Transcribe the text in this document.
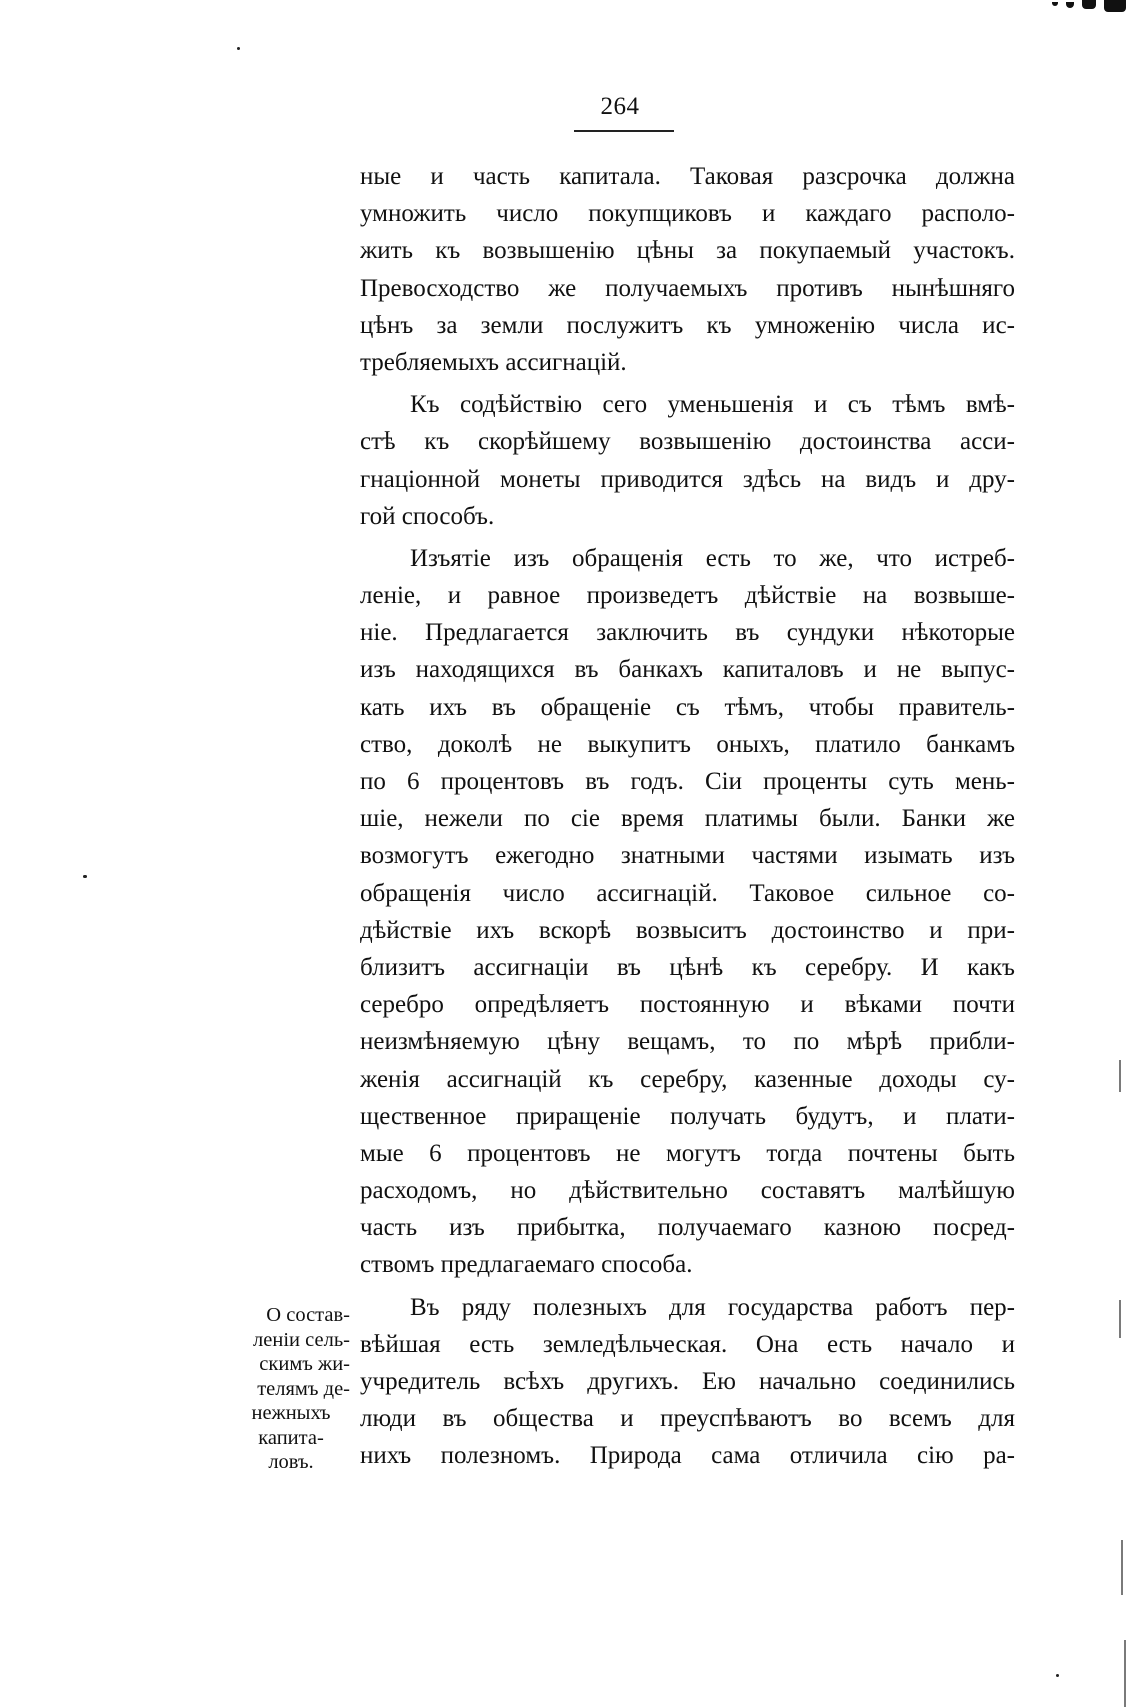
264
ные и часть капитала. Таковая разсрочка должна
умножить число покупщиковъ и каждаго располо-
жить къ возвышенію цѣны за покупаемый участокъ.
Превосходство же получаемыхъ противъ нынѣшняго
цѣнъ за земли послужитъ къ умноженію числа ис-
требляемыхъ ассигнацій.
Къ содѣйствію сего уменьшенія и съ тѣмъ вмѣ-
стѣ къ скорѣйшему возвышенію достоинства асси-
гнаціонной монеты приводится здѣсь на видъ и дру-
гой способъ.
Изъятіе изъ обращенія есть то же, что истреб-
леніе, и равное произведетъ дѣйствіе на возвыше-
ніе. Предлагается заключить въ сундуки нѣкоторые
изъ находящихся въ банкахъ капиталовъ и не выпус-
кать ихъ въ обращеніе съ тѣмъ, чтобы правитель-
ство, доколѣ не выкупитъ оныхъ, платило банкамъ
по 6 процентовъ въ годъ. Сіи проценты суть мень-
шіе, нежели по сіе время платимы были. Банки же
возмогутъ ежегодно знатными частями изымать изъ
обращенія число ассигнацій. Таковое сильное со-
дѣйствіе ихъ вскорѣ возвыситъ достоинство и при-
близитъ ассигнаціи въ цѣнѣ къ серебру. И какъ
серебро опредѣляетъ постоянную и вѣками почти
неизмѣняемую цѣну вещамъ, то по мѣрѣ прибли-
женія ассигнацій къ серебру, казенные доходы су-
щественное приращеніе получать будутъ, и плати-
мые 6 процентовъ не могутъ тогда почтены быть
расходомъ, но дѣйствительно составятъ малѣйшую
часть изъ прибытка, получаемаго казною посред-
ствомъ предлагаемаго способа.
Въ ряду полезныхъ для государства работъ пер-
вѣйшая есть земледѣльческая. Она есть начало и
учредитель всѣхъ другихъ. Ею начально соединились
люди въ общества и преуспѣваютъ во всемъ для
нихъ полезномъ. Природа сама отличила сію ра-
О состав-
леніи сель-
скимъ жи-
телямъ де-
нежныхъ
капита-
ловъ.
